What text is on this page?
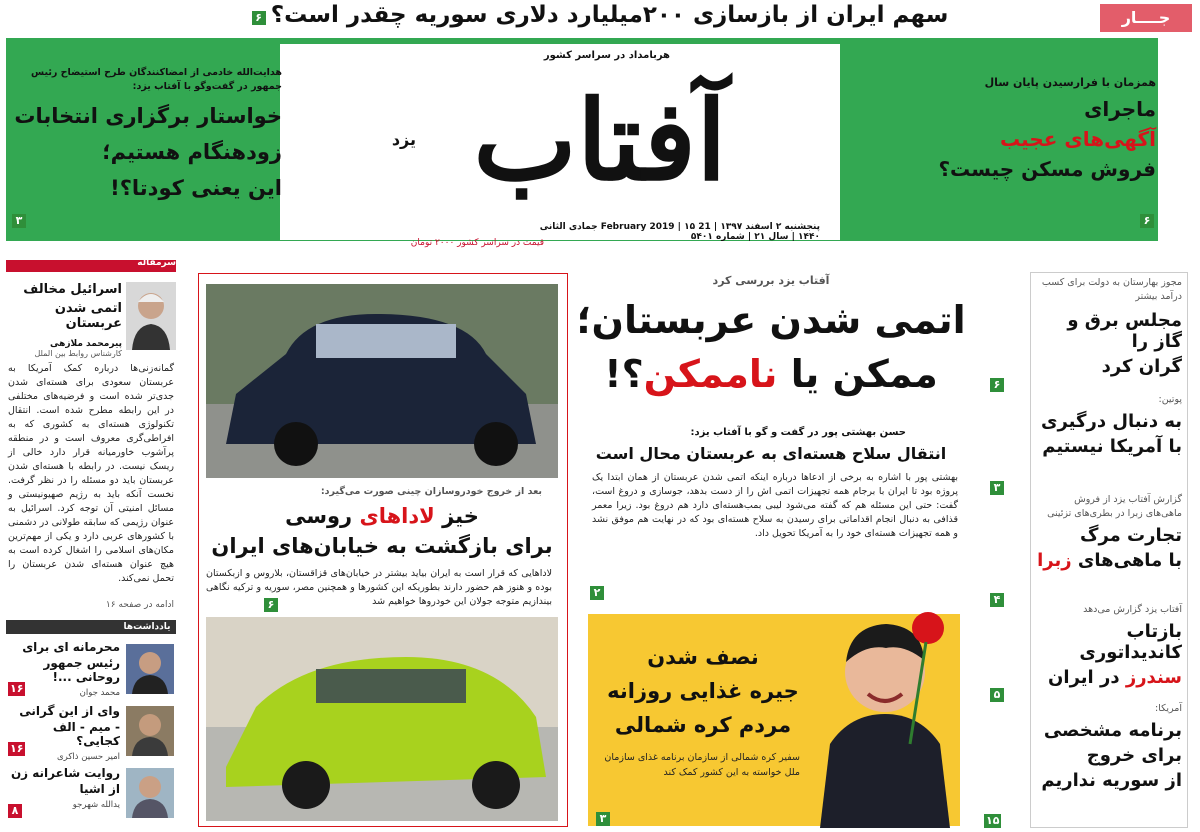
سهم ایران از بازسازی ۲۰۰میلیارد دلاری سوریه چقدر است؟ ۶	جــــار
همزمان با فرارسیدن پایان سال
ماجرای
آگهی‌های عجیب
فروش مسکن چیست؟
۶
هربامداد در سراسر کشور
آفتاب
یزد
پنجشنبه ۲ اسفند ۱۳۹۷ | 21 February 2019 | ۱۵ جمادی الثانی ۱۴۴۰ | سال ۲۱ | شماره ۵۴۰۱
قیمت در سراسر کشور ۲۰۰۰ تومان
هدایت‌الله خادمی از امضاکنندگان طرح استیضاح رئیس جمهور در گفت‌وگو با آفتاب یزد:
خواستار برگزاری انتخابات
زودهنگام هستیم؛
این یعنی کودتا؟!
۳
مجوز بهارستان به دولت برای کسب درآمد بیشتر
مجلس برق و گاز را
گران کرد
۶
پوتین:
به دنبال درگیری
با آمریکا نیستیم
۳
گزارش آفتاب یزد از فروش ماهی‌های زبرا در بطری‌های تزئینی
تجارت مرگ
با ماهی‌های زبرا
۴
آفتاب یزد گزارش می‌دهد
بازتاب کاندیداتوری
سندرز در ایران
۵
آمریکا:
برنامه مشخصی
برای خروج
از سوریه نداریم
۱۵
آفتاب یزد بررسی کرد
اتمی شدن عربستان؛
ممکن یا ناممکن؟!
حسن بهشتی پور در گفت و گو با آفتاب یزد:
انتقال سلاح هسته‌ای به عربستان محال است
بهشتی پور با اشاره به برخی از ادعاها درباره اینکه اتمی شدن عربستان از همان ابتدا یک پروژه بود تا ایران با برجام همه تجهیزات اتمی اش را از دست بدهد، جوسازی و دروغ است، گفت: حتی این مسئله هم که گفته می‌شود لیبی بمب‌هسته‌ای دارد هم دروغ بود. زیرا معمر قذافی به دنبال انجام اقداماتی برای رسیدن به سلاح هسته‌ای بود که در نهایت هم موفق نشد و همه تجهیزات هسته‌ای خود را به آمریکا تحویل داد.
۲
نصف شدن
جیره غذایی روزانه
مردم کره شمالی
سفیر کره شمالی از سازمان برنامه غذای سازمان ملل خواسته به این کشور کمک کند
۳
بعد از خروج خودروسازان چینی صورت می‌گیرد:
خیز لاداهای روسی
برای بازگشت به خیابان‌های ایران
لاداهایی که قرار است به ایران بیاید بیشتر در خیابان‌های قزاقستان، بلاروس و ازبکستان بوده و هنوز هم حضور دارند بطوریکه این کشورها و همچنین مصر، سوریه و ترکیه نگاهی بیندازیم متوجه جولان این خودروها خواهیم شد
۶
سرمقاله
اسرائیل مخالف
اتمی شدن عربستان
پیرمحمد ملازهی
کارشناس روابط بین الملل
گمانه‌زنی‌ها درباره کمک آمریکا به عربستان سعودی برای هسته‌ای شدن جدی‌تر شده است و فرضیه‌های مختلفی در این رابطه مطرح شده است. انتقال تکنولوژی هسته‌ای به کشوری که به افراطی‌گری معروف است و در منطقه پرآشوب خاورمیانه قرار دارد خالی از ریسک نیست. در رابطه با هسته‌ای شدن عربستان باید دو مسئله را در نظر گرفت. نخست آنکه باید به رژیم صهیونیستی و مسائل امنیتی آن توجه کرد. اسرائیل به عنوان رژیمی که سابقه طولانی در دشمنی با کشورهای عربی دارد و یکی از مهم‌ترین مکان‌های اسلامی را اشغال کرده است به هیچ عنوان هسته‌ای شدن عربستان را تحمل نمی‌کند.
ادامه در صفحه ۱۶
یادداشت‌ها
محرمانه ای برای
رئیس جمهور روحانی ...!
محمد جوان
۱۶
وای از این گرانی
- میم - الف کجایی؟
امیر حسین ذاکری
۱۶
روایت شاعرانه زن
از اشیا
یدالله شهرجو
۸
